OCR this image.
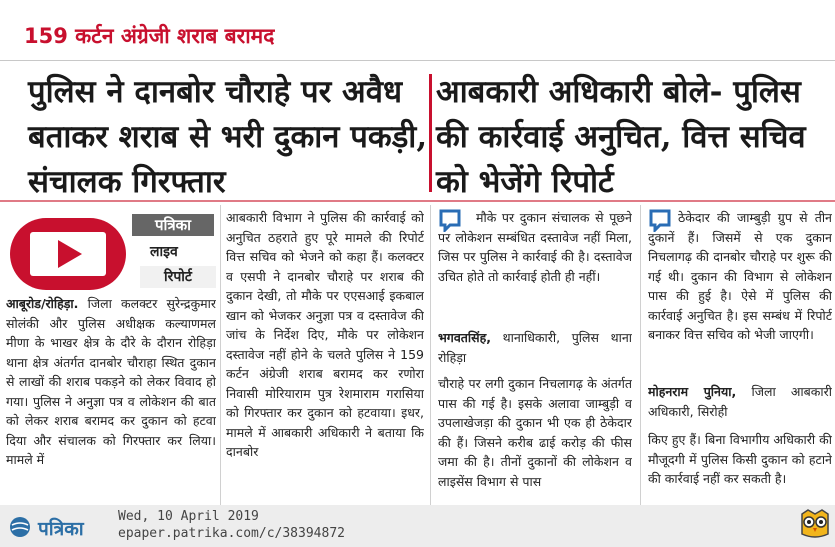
159 कर्टन अंग्रेजी शराब बरामद
पुलिस ने दानबोर चौराहे पर अवैध बताकर शराब से भरी दुकान पकड़ी, संचालक गिरफ्तार
आबकारी अधिकारी बोले- पुलिस की कार्रवाई अनुचित, वित्त सचिव को भेजेंगे रिपोर्ट
पत्रिका
लाइव
रिपोर्ट
आबूरोड/रोहिड़ा. जिला कलक्टर सुरेन्द्रकुमार सोलंकी और पुलिस अधीक्षक कल्याणमल मीणा के भाखर क्षेत्र के दौरे के दौरान रोहिड़ा थाना क्षेत्र अंतर्गत दानबोर चौराहा स्थित दुकान से लाखों की शराब पकड़ने को लेकर विवाद हो गया। पुलिस ने अनुज्ञा पत्र व लोकेशन की बात को लेकर शराब बरामद कर दुकान को हटवा दिया और संचालक को गिरफ्तार कर लिया। मामले में
आबकारी विभाग ने पुलिस की कार्रवाई को अनुचित ठहराते हुए पूरे मामले की रिपोर्ट वित्त सचिव को भेजने को कहा हैं। कलक्टर व एसपी ने दानबोर चौराहे पर शराब की दुकान देखी, तो मौके पर एएसआई इकबाल खान को भेजकर अनुज्ञा पत्र व दस्तावेज की जांच के निर्देश दिए, मौके पर लोकेशन दस्तावेज नहीं होने के चलते पुलिस ने 159 कर्टन अंग्रेजी शराब बरामद कर रणोरा निवासी मोरियाराम पुत्र रेशमाराम गरासिया को गिरफ्तार कर दुकान को हटवाया। इधर, मामले में आबकारी अधिकारी ने बताया कि दानबोर
मौके पर दुकान संचालक से पूछने पर लोकेशन सम्बंधित दस्तावेज नहीं मिला, जिस पर पुलिस ने कार्रवाई की है। दस्तावेज उचित होते तो कार्रवाई होती ही नहीं।
भगवतसिंह, थानाधिकारी, पुलिस थाना रोहिड़ा
चौराहे पर लगी दुकान निचलागढ़ के अंतर्गत पास की गई है। इसके अलावा जाम्बुड़ी व उपलाखेजड़ा की दुकान भी एक ही ठेकेदार की हैं। जिसने करीब ढाई करोड़ की फीस जमा की है। तीनों दुकानों की लोकेशन व लाइसेंस विभाग से पास
ठेकेदार की जाम्बुड़ी ग्रुप से तीन दुकानें हैं। जिसमें से एक दुकान निचलागढ़ की दानबोर चौराहे पर शुरू की गई थी। दुकान की विभाग से लोकेशन पास की हुई है। ऐसे में पुलिस की कार्रवाई अनुचित है। इस सम्बंध में रिपोर्ट बनाकर वित्त सचिव को भेजी जाएगी।
मोहनराम पुनिया, जिला आबकारी अधिकारी, सिरोही
किए हुए हैं। बिना विभागीय अधिकारी की मौजूदगी में पुलिस किसी दुकान को हटाने की कार्रवाई नहीं कर सकती है।
पत्रिका
Wed, 10 April 2019
epaper.patrika.com/c/38394872
